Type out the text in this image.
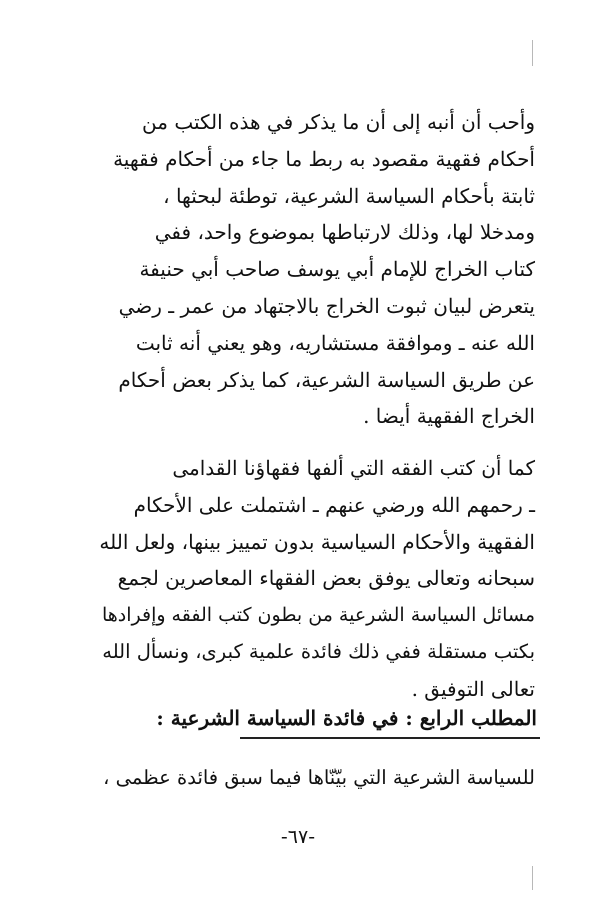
وأحب أن أنبه إلى أن ما يذكر في هذه الكتب من
أحكام فقهية مقصود به ربط ما جاء من أحكام فقهية
ثابتة بأحكام السياسة الشرعية، توطئة لبحثها ،
ومدخلا لها، وذلك لارتباطها بموضوع واحد، ففي
كتاب الخراج للإمام أبي يوسف صاحب أبي حنيفة
يتعرض لبيان ثبوت الخراج بالاجتهاد من عمر ـ رضي
الله عنه ـ وموافقة مستشاريه، وهو يعني أنه ثابت
عن طريق السياسة الشرعية، كما يذكر بعض أحكام
الخراج الفقهية أيضا .
كما أن كتب الفقه التي ألفها فقهاؤنا القدامى
ـ رحمهم الله ورضي عنهم ـ اشتملت على الأحكام
الفقهية والأحكام السياسية بدون تمييز بينها، ولعل الله
سبحانه وتعالى يوفق بعض الفقهاء المعاصرين لجمع
مسائل السياسة الشرعية من بطون كتب الفقه وإفرادها
بكتب مستقلة ففي ذلك فائدة علمية كبرى، ونسأل الله
تعالى التوفيق .
المطلب الرابع : في فائدة السياسة الشرعية :
للسياسة الشرعية التي بيّنّاها فيما سبق فائدة عظمى ،
-٦٧-
